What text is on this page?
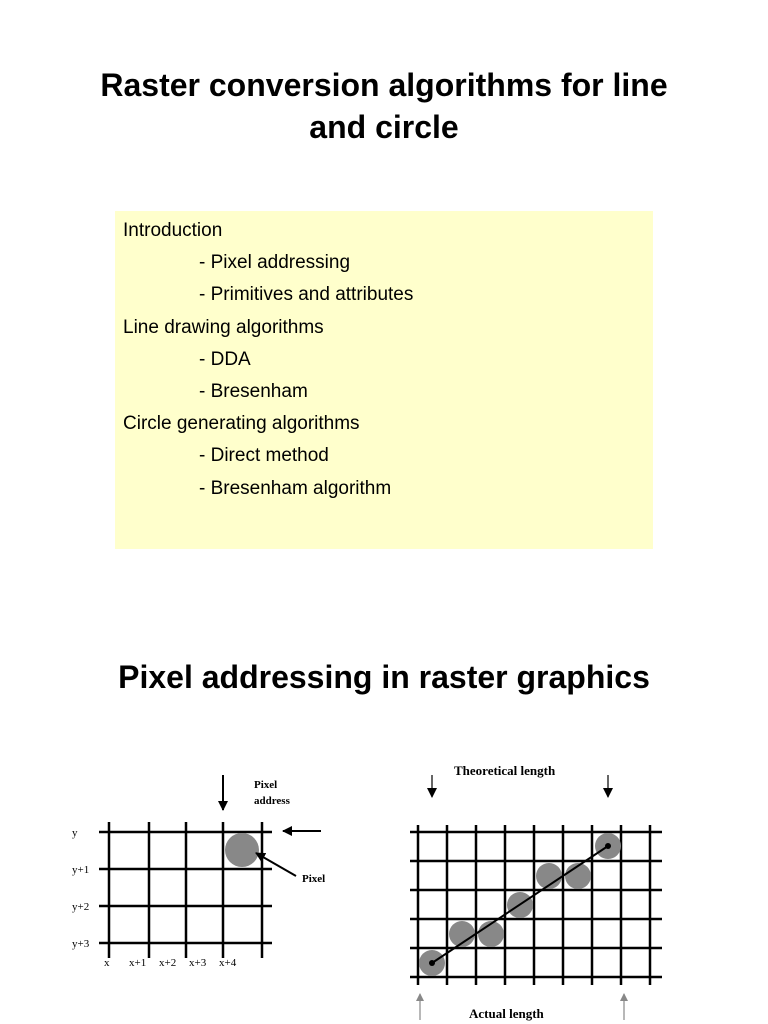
Raster conversion algorithms for line
and circle
Introduction
- Pixel addressing
- Primitives and attributes
Line drawing algorithms
- DDA
- Bresenham
Circle generating algorithms
- Direct method
- Bresenham algorithm
Pixel addressing in raster graphics
y
y+1
y+2
y+3
x x+1 x+2 x+3 x+4
Pixel
address
Pixel
Theoretical length
Actual length
